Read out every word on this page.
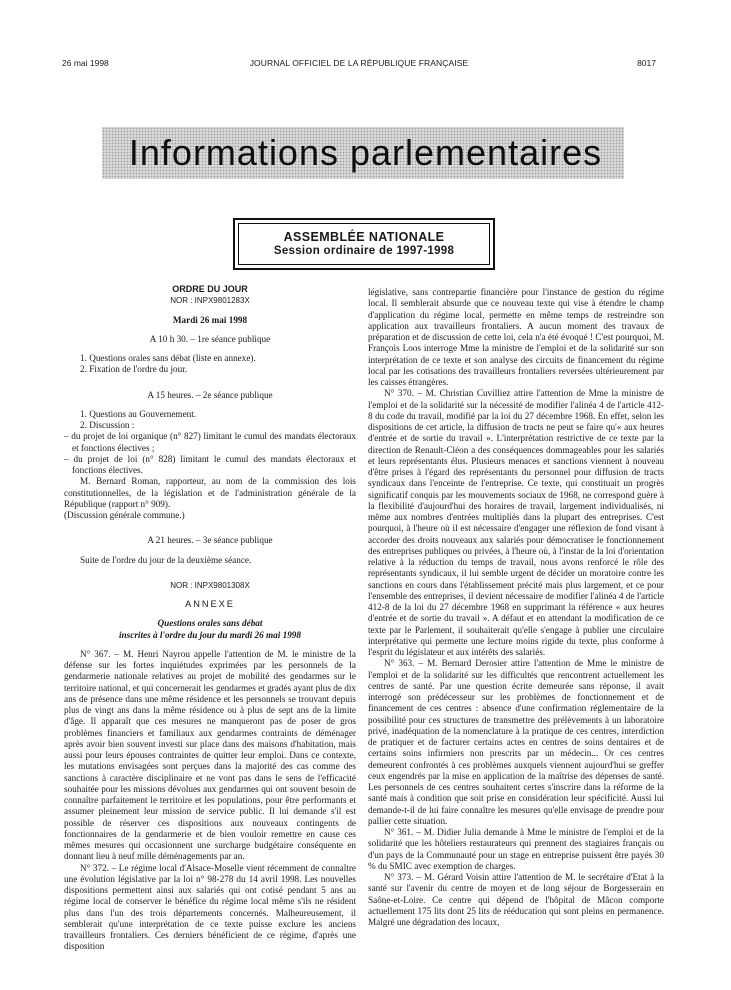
26 mai 1998	JOURNAL OFFICIEL DE LA RÉPUBLIQUE FRANÇAISE	8017
Informations parlementaires
ASSEMBLÉE NATIONALE
Session ordinaire de 1997-1998

ORDRE DU JOUR

NOR : INPX9801283X

Mardi 26 mai 1998

A 10 h 30. – 1re séance publique

1. Questions orales sans débat (liste en annexe).

2. Fixation de l'ordre du jour.

A 15 heures. – 2e séance publique

1. Questions au Gouvernement.

2. Discussion :

– du projet de loi organique (n° 827) limitant le cumul des mandats électoraux et fonctions électives ;

– du projet de loi (n° 828) limitant le cumul des mandats électoraux et fonctions électives.

M. Bernard Roman, rapporteur, au nom de la commission des lois constitutionnelles, de la législation et de l'administration générale de la République (rapport n° 909).

(Discussion générale commune.)

A 21 heures. – 3e séance publique

Suite de l'ordre du jour de la deuxième séance.

NOR : INPX9801308X

ANNEXE

Questions orales sans débat

inscrites à l'ordre du jour du mardi 26 mai 1998

N° 367. – M. Henri Nayrou appelle l'attention de M. le ministre de la défense sur les fortes inquiétudes exprimées par les personnels de la gendarmerie nationale relatives au projet de mobilité des gendarmes sur le territoire national, et qui concernerait les gendarmes et gradés ayant plus de dix ans de présence dans une même résidence et les personnels se trouvant depuis plus de vingt ans dans la même résidence ou à plus de sept ans de la limite d'âge. Il apparaît que ces mesures ne manqueront pas de poser de gros problèmes financiers et familiaux aux gendarmes contraints de déménager après avoir bien souvent investi sur place dans des maisons d'habitation, mais aussi pour leurs épouses contraintes de quitter leur emploi. Dans ce contexte, les mutations envisagées sont perçues dans la majorité des cas comme des sanctions à caractère disciplinaire et ne vont pas dans le sens de l'efficacité souhaitée pour les missions dévolues aux gendarmes qui ont souvent besoin de connaître parfaitement le territoire et les populations, pour être performants et assumer pleinement leur mission de service public. Il lui demande s'il est possible de réserver ces dispositions aux nouveaux contingents de fonctionnaires de la gendarmerie et de bien vouloir remettre en cause ces mêmes mesures qui occasionnent une surcharge budgétaire conséquente en donnant lieu à neuf mille déménagements par an.

N° 372. – Le régime local d'Alsace-Moselle vient récemment de connaître une évolution législative par la loi n° 98-278 du 14 avril 1998. Les nouvelles dispositions permettent ainsi aux salariés qui ont cotisé pendant 5 ans au régime local de conserver le bénéfice du régime local même s'ils ne résident plus dans l'un des trois départements concernés. Malheureusement, il semblerait qu'une interprétation de ce texte puisse exclure les anciens travailleurs frontaliers. Ces derniers bénéficient de ce régime, d'après une disposition

législative, sans contrepartie financière pour l'instance de gestion du régime local. Il semblerait absurde que ce nouveau texte qui vise à étendre le champ d'application du régime local, permette en même temps de restreindre son application aux travailleurs frontaliers. A aucun moment des travaux de préparation et de discussion de cette loi, cela n'a été évoqué ! C'est pourquoi, M. François Loos interroge Mme la ministre de l'emploi et de la solidarité sur son interprétation de ce texte et son analyse des circuits de financement du régime local par les cotisations des travailleurs frontaliers reversées ultérieurement par les caisses étrangères.

N° 370. – M. Christian Cuvilliez attire l'attention de Mme la ministre de l'emploi et de la solidarité sur la nécessité de modifier l'alinéa 4 de l'article 412-8 du code du travail, modifié par la loi du 27 décembre 1968. En effet, selon les dispositions de cet article, la diffusion de tracts ne peut se faire qu'« aux heures d'entrée et de sortie du travail ». L'interprétation restrictive de ce texte par la direction de Renault-Cléon a des conséquences dommageables pour les salariés et leurs représentants élus. Plusieurs menaces et sanctions viennent à nouveau d'être prises à l'égard des représentants du personnel pour diffusion de tracts syndicaux dans l'enceinte de l'entreprise. Ce texte, qui constituait un progrès significatif conquis par les mouvements sociaux de 1968, ne correspond guère à la flexibilité d'aujourd'hui des horaires de travail, largement individualisés, ni même aux nombres d'entrées multipliés dans la plupart des entreprises. C'est pourquoi, à l'heure où il est nécessaire d'engager une réflexion de fond visant à accorder des droits nouveaux aux salariés pour démocratiser le fonctionnement des entreprises publiques ou privées, à l'heure où, à l'instar de la loi d'orientation relative à la réduction du temps de travail, nous avons renforcé le rôle des représentants syndicaux, il lui semble urgent de décider un moratoire contre les sanctions en cours dans l'établissement précité mais plus largement, et ce pour l'ensemble des entreprises, il devient nécessaire de modifier l'alinéa 4 de l'article 412-8 de la loi du 27 décembre 1968 en supprimant la référence « aux heures d'entrée et de sortie du travail ». A défaut et en attendant la modification de ce texte par le Parlement, il souhaiterait qu'elle s'engage à publier une circulaire interprétative qui permette une lecture moins rigide du texte, plus conforme à l'esprit du législateur et aux intérêts des salariés.

N° 363. – M. Bernard Derosier attire l'attention de Mme le ministre de l'emploi et de la solidarité sur les difficultés que rencontrent actuellement les centres de santé. Par une question écrite demeurée sans réponse, il avait interrogé son prédécesseur sur les problèmes de fonctionnement et de financement de ces centres : absence d'une confirmation réglementaire de la possibilité pour ces structures de transmettre des prélèvements à un laboratoire privé, inadéquation de la nomenclature à la pratique de ces centres, interdiction de pratiquer et de facturer certains actes en centres de soins dentaires et de certains soins infirmiers non prescrits par un médecin... Or ces centres demeurent confrontés à ces problèmes auxquels viennent aujourd'hui se greffer ceux engendrés par la mise en application de la maîtrise des dépenses de santé. Les personnels de ces centres souhaitent certes s'inscrire dans la réforme de la santé mais à condition que soit prise en considération leur spécificité. Aussi lui demande-t-il de lui faire connaître les mesures qu'elle envisage de prendre pour pallier cette situation.

N° 361. – M. Didier Julia demande à Mme le ministre de l'emploi et de la solidarité que les hôteliers restaurateurs qui prennent des stagiaires français ou d'un pays de la Communauté pour un stage en entreprise puissent être payés 30 % du SMIC avec exemption de charges.

N° 373. – M. Gérard Voisin attire l'attention de M. le secrétaire d'Etat à la santé sur l'avenir du centre de moyen et de long séjour de Borgesserain en Saône-et-Loire. Ce centre qui dépend de l'hôpital de Mâcon comporte actuellement 175 lits dont 25 lits de rééducation qui sont pleins en permanence. Malgré une dégradation des locaux,
